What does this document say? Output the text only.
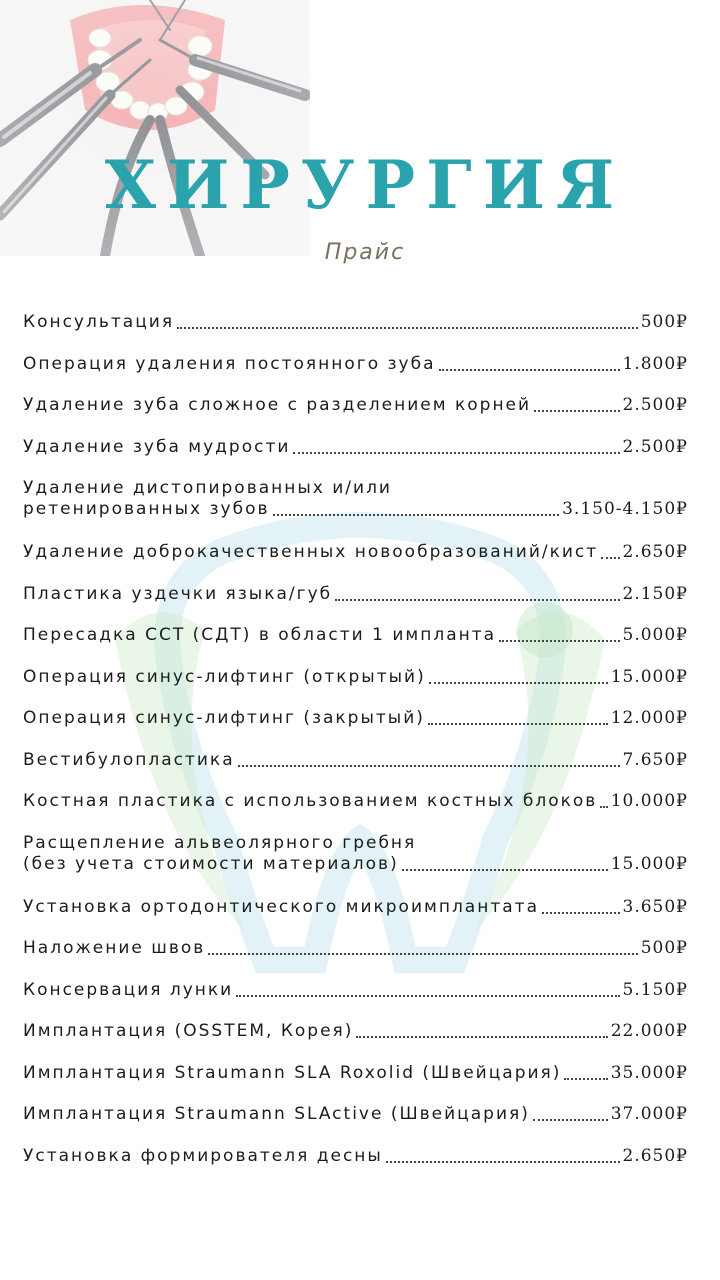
ХИРУРГИЯ
Прайс
Консультация	500₽
Операция удаления постоянного зуба	1.800₽
Удаление зуба сложное с разделением корней	2.500₽
Удаление зуба мудрости	2.500₽
Удаление дистопированных и/или
ретенированных зубов	3.150-4.150₽
Удаление доброкачественных новообразований/кист 2.650₽
Пластика уздечки языка/губ	2.150₽
Пересадка ССТ (СДТ) в области 1 импланта	5.000₽
Операция синус-лифтинг (открытый)	15.000₽
Операция синус-лифтинг (закрытый)	12.000₽
Вестибулопластика	7.650₽
Костная пластика с использованием костных блоков 10.000₽
Расщепление альвеолярного гребня
(без учета стоимости материалов)	15.000₽
Установка ортодонтического микроимплантата	3.650₽
Наложение швов	500₽
Консервация лунки	5.150₽
Имплантация (OSSTEM, Корея)	22.000₽
Имплантация Straumann SLA Roxolid (Швейцария)	35.000₽
Имплантация Straumann SLActive (Швейцария)	37.000₽
Установка формирователя десны	2.650₽
